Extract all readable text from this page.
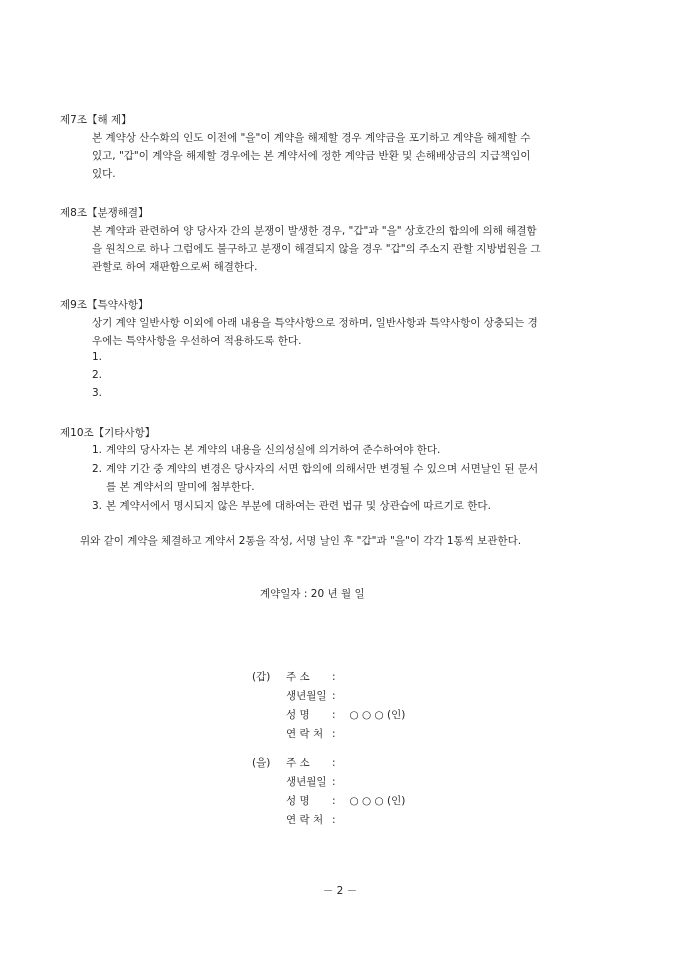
제7조【해 제】
본 계약상 산수화의 인도 이전에 "을"이 계약을 해제할 경우 계약금을 포기하고 계약을 해제할 수
있고, "갑"이 계약을 해제할 경우에는 본 계약서에 정한 계약금 반환 및 손해배상금의 지급책임이
있다.
제8조【분쟁해결】
본 계약과 관련하여 양 당사자 간의 분쟁이 발생한 경우, "갑"과 "을" 상호간의 합의에 의해 해결함
을 원칙으로 하나 그럼에도 불구하고 분쟁이 해결되지 않을 경우 "갑"의 주소지 관할 지방법원을 그
관할로 하여 재판함으로써 해결한다.
제9조【특약사항】
상기 계약 일반사항 이외에 아래 내용을 특약사항으로 정하며, 일반사항과 특약사항이 상충되는 경
우에는 특약사항을 우선하여 적용하도록 한다.
1.
2.
3.
제10조【기타사항】
1. 계약의 당사자는 본 계약의 내용을 신의성실에 의거하여 준수하여야 한다.
2. 계약 기간 중 계약의 변경은 당사자의 서면 합의에 의해서만 변경될 수 있으며 서면날인 된 문서
를 본 계약서의 말미에 첨부한다.
3. 본 계약서에서 명시되지 않은 부분에 대하여는 관련 법규 및 상관습에 따르기로 한다.
위와 같이 계약을 체결하고 계약서 2통을 작성, 서명 날인 후 "갑"과 "을"이 각각 1통씩 보관한다.
계약일자 : 20 년 월 일
(갑) 주 소 :
생년월일 :
성 명 : ○ ○ ○ (인)
연 락 처 :
(을) 주 소 :
생년월일 :
성 명 : ○ ○ ○ (인)
연 락 처 :
－ 2 －
